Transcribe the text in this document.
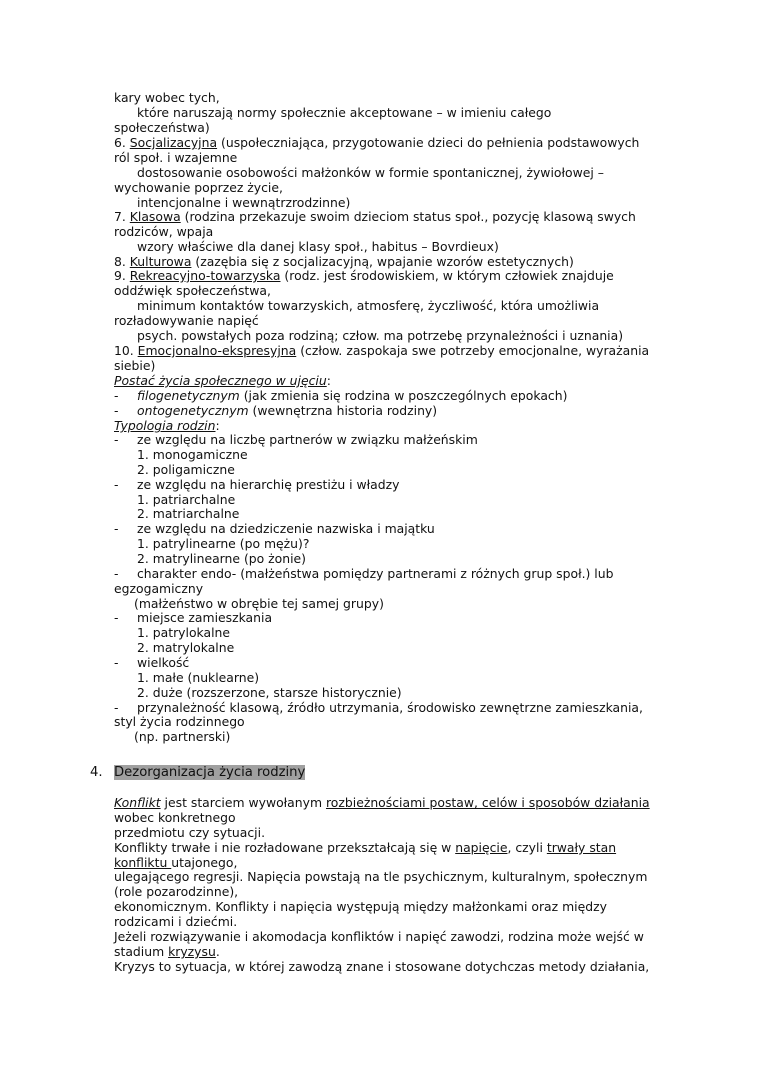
kary wobec tych,
które naruszają normy społecznie akceptowane – w imieniu całego
społeczeństwa)
6. Socjalizacyjna (uspołeczniająca, przygotowanie dzieci do pełnienia podstawowych
ról społ. i wzajemne
dostosowanie osobowości małżonków w formie spontanicznej, żywiołowej –
wychowanie poprzez życie,
intencjonalne i wewnątrzrodzinne)
7. Klasowa (rodzina przekazuje swoim dzieciom status społ., pozycję klasową swych
rodziców, wpaja
wzory właściwe dla danej klasy społ., habitus – Bovrdieux)
8. Kulturowa (zazębia się z socjalizacyjną, wpajanie wzorów estetycznych)
9. Rekreacyjno-towarzyska (rodz. jest środowiskiem, w którym człowiek znajduje
oddźwięk społeczeństwa,
minimum kontaktów towarzyskich, atmosferę, życzliwość, która umożliwia
rozładowywanie napięć
psych. powstałych poza rodziną; człow. ma potrzebę przynależności i uznania)
10. Emocjonalno-ekspresyjna (człow. zaspokaja swe potrzeby emocjonalne, wyrażania
siebie)
Postać życia społecznego w ujęciu:
- filogenetycznym (jak zmienia się rodzina w poszczególnych epokach)
- ontogenetycznym (wewnętrzna historia rodziny)
Typologia rodzin:
- ze względu na liczbę partnerów w związku małżeńskim
1. monogamiczne
2. poligamiczne
- ze względu na hierarchię prestiżu i władzy
1. patriarchalne
2. matriarchalne
- ze względu na dziedziczenie nazwiska i majątku
1. patrylinearne (po mężu)?
2. matrylinearne (po żonie)
- charakter endo- (małżeństwa pomiędzy partnerami z różnych grup społ.) lub
egzogamiczny
(małżeństwo w obrębie tej samej grupy)
- miejsce zamieszkania
1. patrylokalne
2. matrylokalne
- wielkość
1. małe (nuklearne)
2. duże (rozszerzone, starsze historycznie)
- przynależność klasową, źródło utrzymania, środowisko zewnętrzne zamieszkania,
styl życia rodzinnego
(np. partnerski)
4. Dezorganizacja życia rodziny
Konflikt jest starciem wywołanym rozbieżnościami postaw, celów i sposobów działania
wobec konkretnego
przedmiotu czy sytuacji.
Konflikty trwałe i nie rozładowane przekształcają się w napięcie, czyli trwały stan
konfliktu utajonego,
ulegającego regresji. Napięcia powstają na tle psychicznym, kulturalnym, społecznym
(role pozarodzinne),
ekonomicznym. Konflikty i napięcia występują między małżonkami oraz między
rodzicami i dziećmi.
Jeżeli rozwiązywanie i akomodacja konfliktów i napięć zawodzi, rodzina może wejść w
stadium kryzysu.
Kryzys to sytuacja, w której zawodzą znane i stosowane dotychczas metody działania,
